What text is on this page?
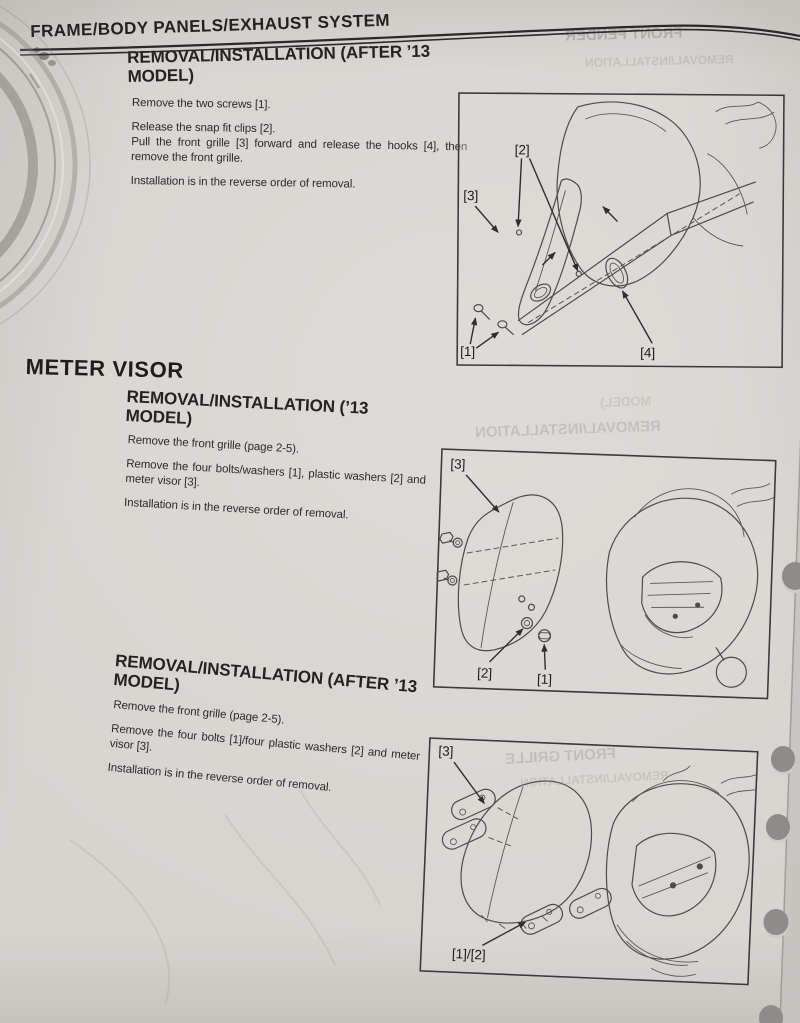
FRONT FENDER
REMOVAL/INSTALLATION
MODEL)
REMOVAL/INSTALLATION
FRONT GRILLE
REMOVAL/INSTALLATION
FRAME/BODY PANELS/EXHAUST SYSTEM
REMOVAL/INSTALLATION (AFTER ’13 MODEL)

Remove the two screws [1].

Release the snap fit clips [2].
Pull the front grille [3] forward and release the hooks [4], then remove the front grille.

Installation is in the reverse order of removal.

[2]
[3]
[1]	[4]
METER VISOR
REMOVAL/INSTALLATION (’13 MODEL)

Remove the front grille (page 2-5).

Remove the four bolts/washers [1], plastic washers [2] and meter visor [3].

Installation is in the reverse order of removal.

[3]
[2]	[1]
REMOVAL/INSTALLATION (AFTER ’13 MODEL)

Remove the front grille (page 2-5).

Remove the four bolts [1]/four plastic washers [2] and meter visor [3].

Installation is in the reverse order of removal.

[3]
[1]/[2]
